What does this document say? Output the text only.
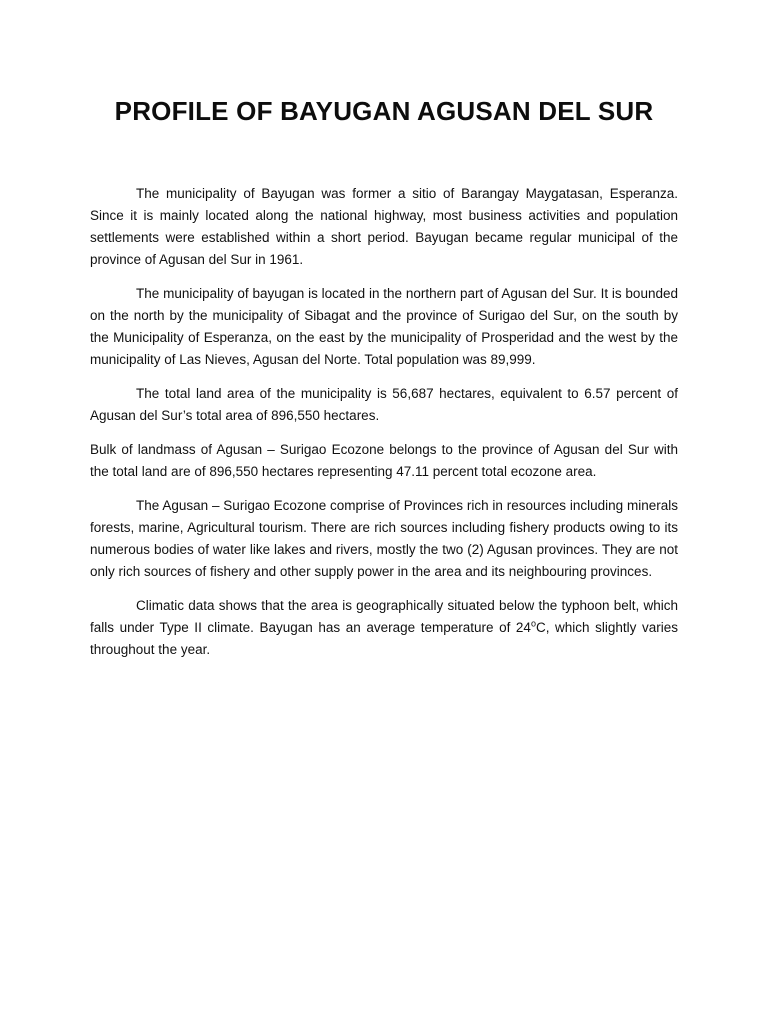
PROFILE OF BAYUGAN AGUSAN DEL SUR

The municipality of Bayugan was former a sitio of Barangay Maygatasan, Esperanza. Since it is mainly located along the national highway, most business activities and population settlements were established within a short period. Bayugan became regular municipal of the province of Agusan del Sur in 1961.

The municipality of bayugan is located in the northern part of Agusan del Sur. It is bounded on the north by the municipality of Sibagat and the province of Surigao del Sur, on the south by the Municipality of Esperanza, on the east by the municipality of Prosperidad and the west by the municipality of Las Nieves, Agusan del Norte. Total population was 89,999.

The total land area of the municipality is 56,687 hectares, equivalent to 6.57 percent of Agusan del Sur’s total area of 896,550 hectares.

Bulk of landmass of Agusan – Surigao Ecozone belongs to the province of Agusan del Sur with the total land are of 896,550 hectares representing 47.11 percent total ecozone area.

The Agusan – Surigao Ecozone comprise of Provinces rich in resources including minerals forests, marine, Agricultural tourism. There are rich sources including fishery products owing to its numerous bodies of water like lakes and rivers, mostly the two (2) Agusan provinces. They are not only rich sources of fishery and other supply power in the area and its neighbouring provinces.

Climatic data shows that the area is geographically situated below the typhoon belt, which falls under Type II climate. Bayugan has an average temperature of 24$^o$C, which slightly varies throughout the year.
